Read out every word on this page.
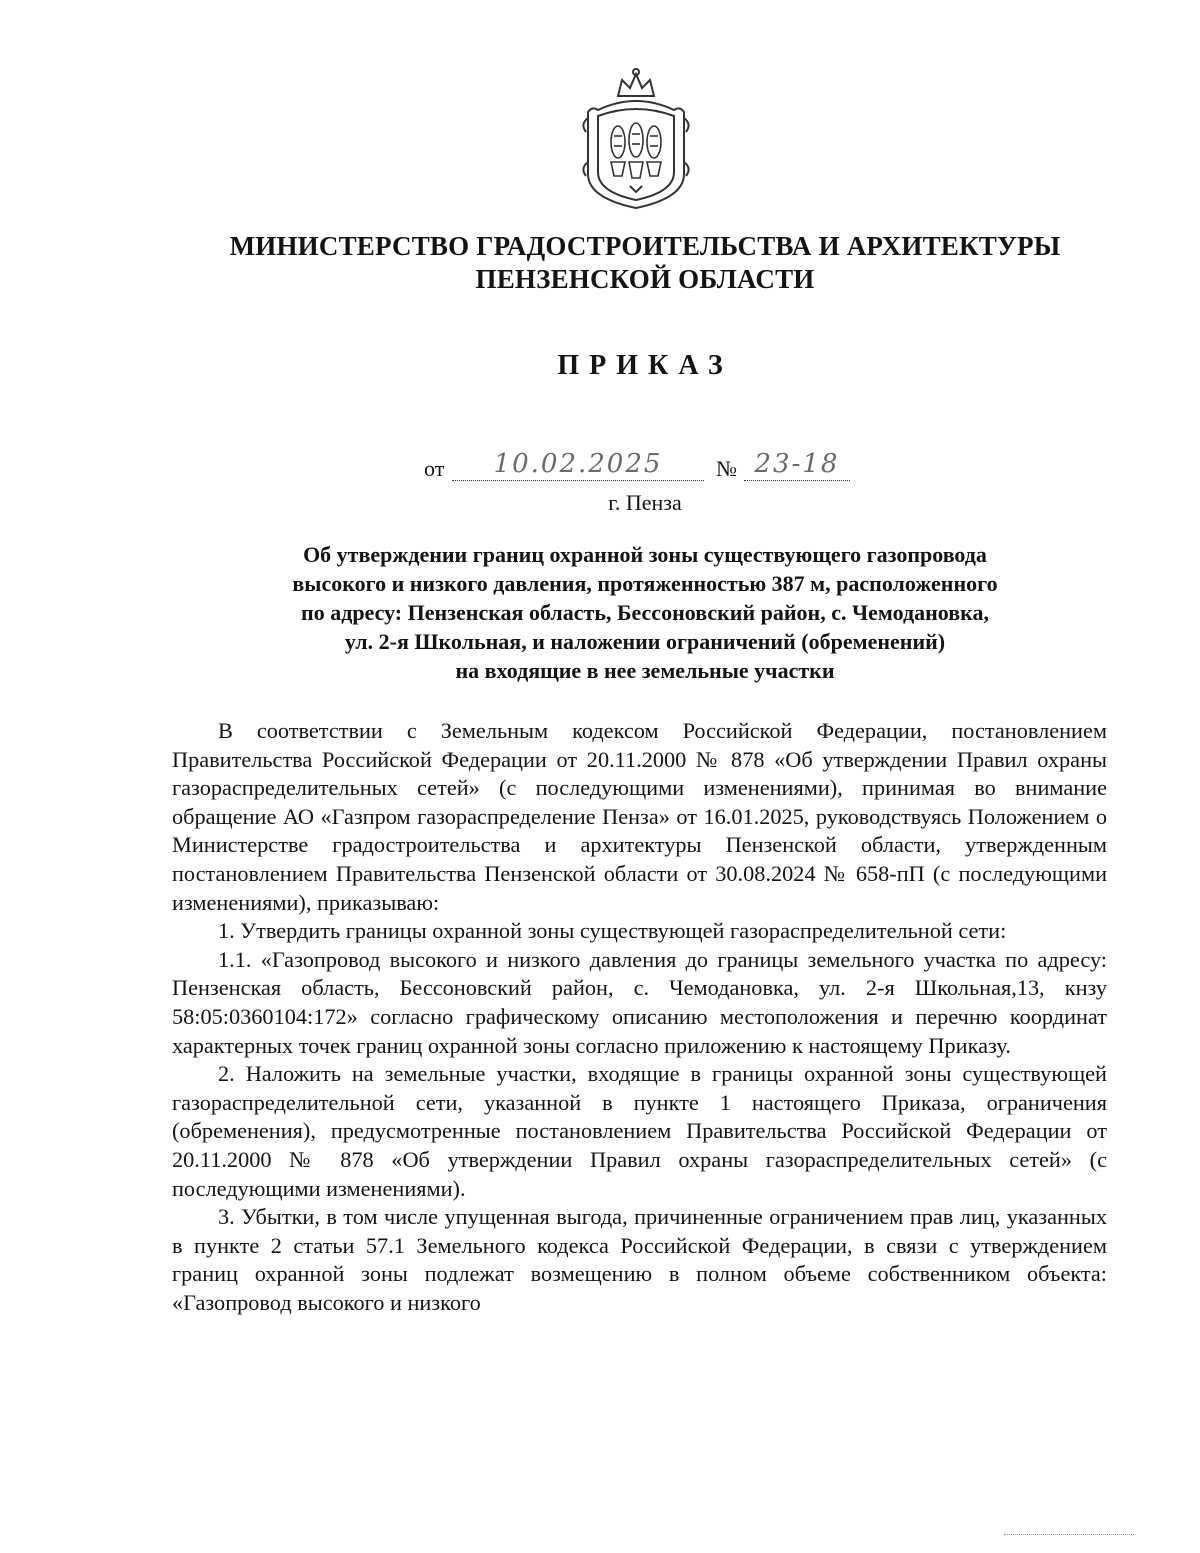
МИНИСТЕРСТВО ГРАДОСТРОИТЕЛЬСТВА И АРХИТЕКТУРЫ
ПЕНЗЕНСКОЙ ОБЛАСТИ
ПРИКАЗ
от	10.02.2025	№ 23-18
г. Пенза
Об утверждении границ охранной зоны существующего газопровода
высокого и низкого давления, протяженностью 387 м, расположенного
по адресу: Пензенская область, Бессоновский район, с. Чемодановка,
ул. 2-я Школьная, и наложении ограничений (обременений)
на входящие в нее земельные участки

В соответствии с Земельным кодексом Российской Федерации, постановлением Правительства Российской Федерации от 20.11.2000 № 878 «Об утверждении Правил охраны газораспределительных сетей» (с последующими изменениями), принимая во внимание обращение АО «Газпром газораспределение Пенза» от 16.01.2025, руководствуясь Положением о Министерстве градостроительства и архитектуры Пензенской области, утвержденным постановлением Правительства Пензенской области от 30.08.2024 № 658-пП (с последующими изменениями), приказываю:

1. Утвердить границы охранной зоны существующей газораспределительной сети:

1.1. «Газопровод высокого и низкого давления до границы земельного участка по адресу: Пензенская область, Бессоновский район, с. Чемодановка, ул. 2-я Школьная,13, кнзу 58:05:0360104:172» согласно графическому описанию местоположения и перечню координат характерных точек границ охранной зоны согласно приложению к настоящему Приказу.

2. Наложить на земельные участки, входящие в границы охранной зоны существующей газораспределительной сети, указанной в пункте 1 настоящего Приказа, ограничения (обременения), предусмотренные постановлением Правительства Российской Федерации от 20.11.2000 № 878 «Об утверждении Правил охраны газораспределительных сетей» (с последующими изменениями).

3. Убытки, в том числе упущенная выгода, причиненные ограничением прав лиц, указанных в пункте 2 статьи 57.1 Земельного кодекса Российской Федерации, в связи с утверждением границ охранной зоны подлежат возмещению в полном объеме собственником объекта: «Газопровод высокого и низкого
